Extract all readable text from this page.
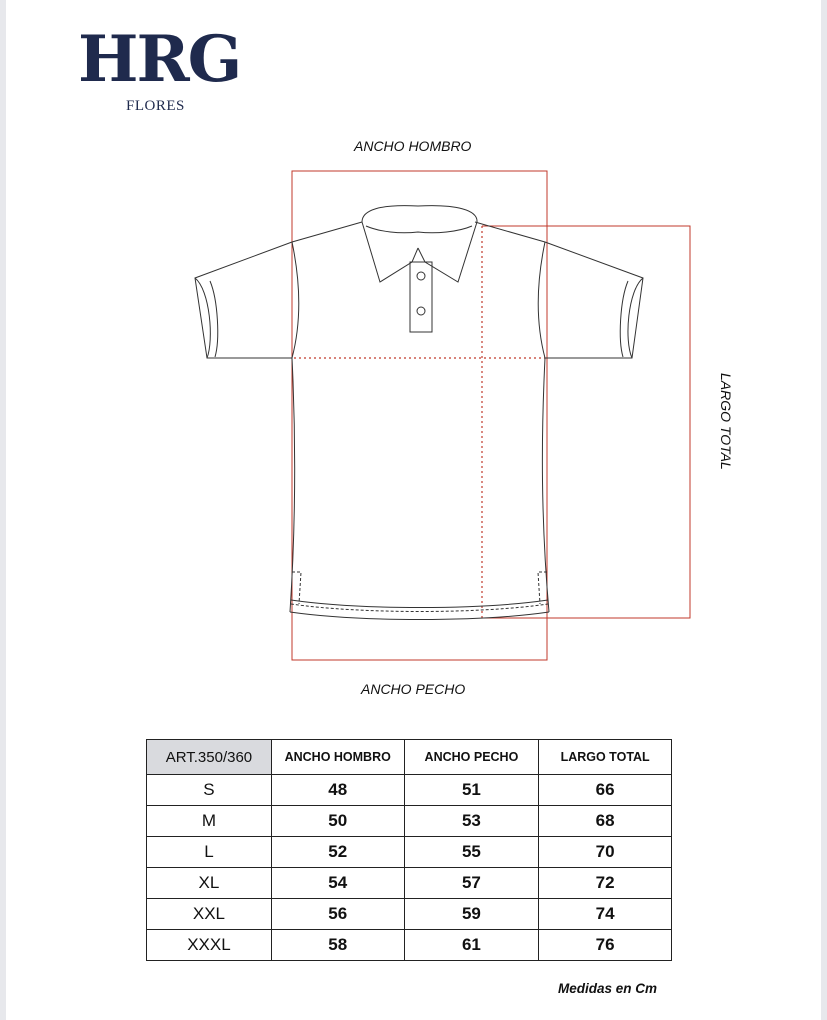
HRG
FLORES
ANCHO HOMBRO
ANCHO PECHO
LARGO TOTAL
ART.350/360	ANCHO HOMBRO	ANCHO PECHO	LARGO TOTAL
S	48	51	66
M	50	53	68
L	52	55	70
XL	54	57	72
XXL	56	59	74
XXXL	58	61	76
Medidas en Cm
